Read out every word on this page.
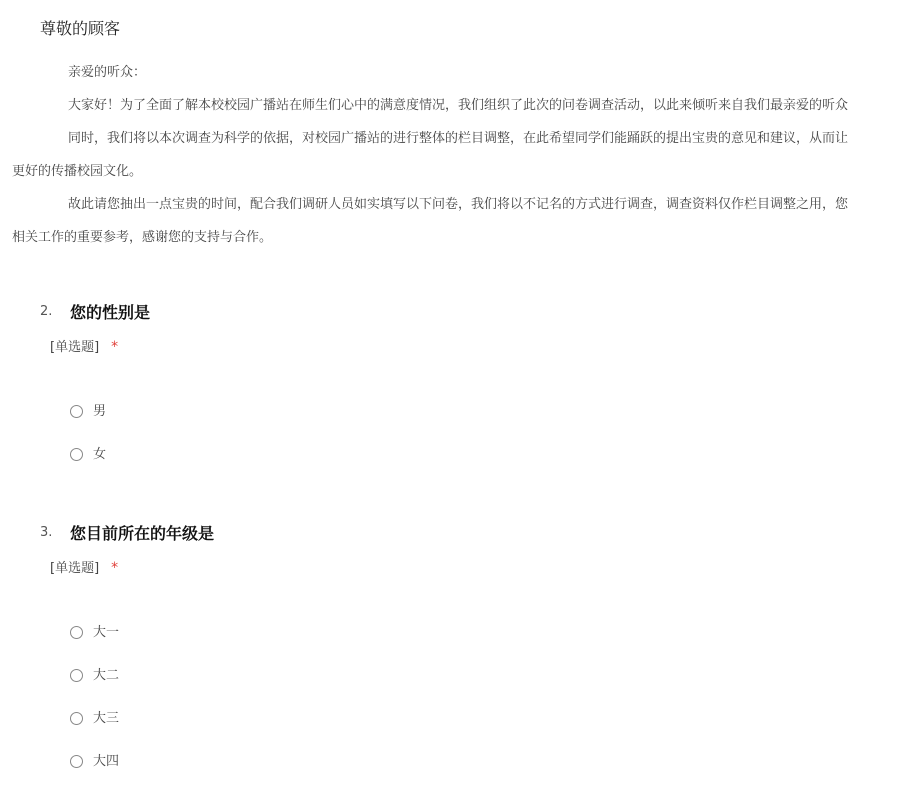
尊敬的顾客

亲爱的听众：

大家好！为了全面了解本校校园广播站在师生们心中的满意度情况，我们组织了此次的问卷调查活动，以此来倾听来自我们最亲爱的听众

同时，我们将以本次调查为科学的依据，对校园广播站的进行整体的栏目调整，在此希望同学们能踊跃的提出宝贵的意见和建议，从而让
更好的传播校园文化。

故此请您抽出一点宝贵的时间，配合我们调研人员如实填写以下问卷，我们将以不记名的方式进行调查，调查资料仅作栏目调整之用，您
相关工作的重要参考，感谢您的支持与合作。

2. 您的性别是
[单选题] *
男
女
3. 您目前所在的年级是
[单选题] *
大一
大二
大三
大四
